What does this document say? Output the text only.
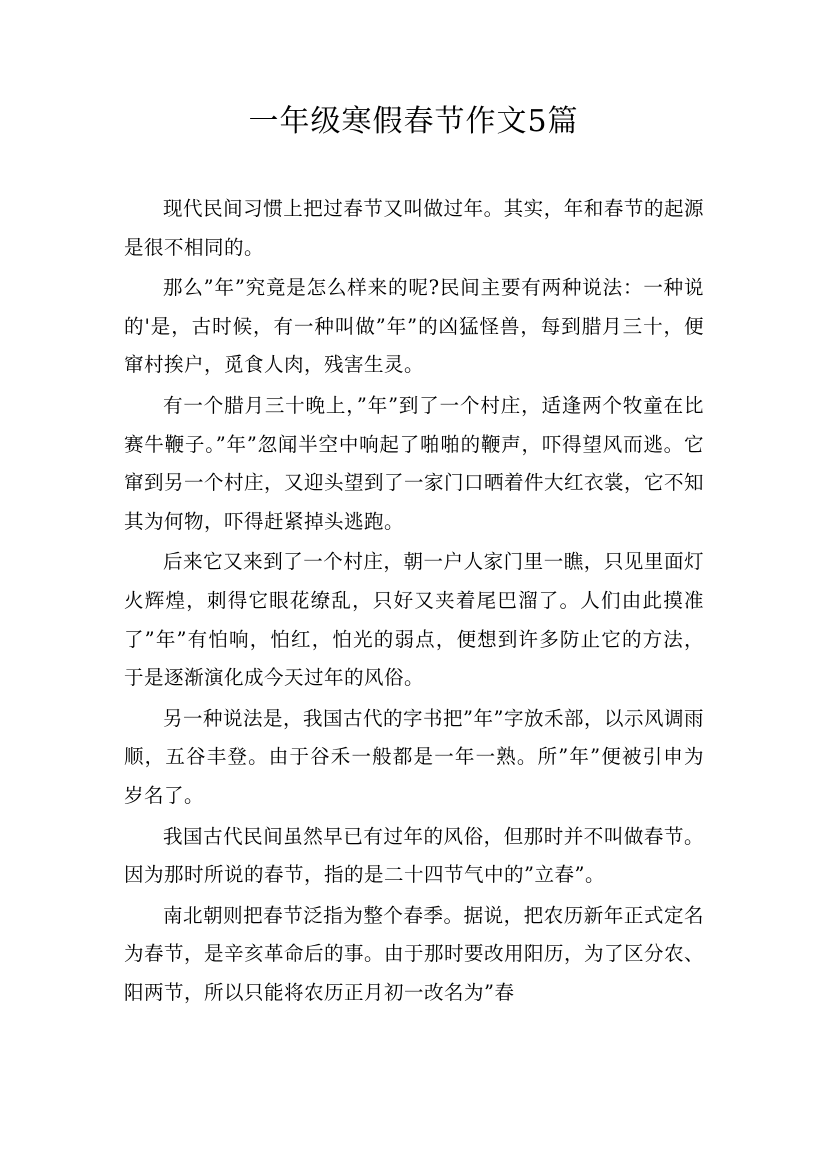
一年级寒假春节作文5篇

现代民间习惯上把过春节又叫做过年。其实，年和春节的起源是很不相同的。

那么”年”究竟是怎么样来的呢?民间主要有两种说法：一种说的'是，古时候，有一种叫做”年”的凶猛怪兽，每到腊月三十，便窜村挨户，觅食人肉，残害生灵。

有一个腊月三十晚上，”年”到了一个村庄，适逢两个牧童在比赛牛鞭子。”年”忽闻半空中响起了啪啪的鞭声，吓得望风而逃。它窜到另一个村庄，又迎头望到了一家门口晒着件大红衣裳，它不知其为何物，吓得赶紧掉头逃跑。

后来它又来到了一个村庄，朝一户人家门里一瞧，只见里面灯火辉煌，刺得它眼花缭乱，只好又夹着尾巴溜了。人们由此摸准了”年”有怕响，怕红，怕光的弱点，便想到许多防止它的方法，于是逐渐演化成今天过年的风俗。

另一种说法是，我国古代的字书把”年”字放禾部，以示风调雨顺，五谷丰登。由于谷禾一般都是一年一熟。所”年”便被引申为岁名了。

我国古代民间虽然早已有过年的风俗，但那时并不叫做春节。因为那时所说的春节，指的是二十四节气中的”立春”。

南北朝则把春节泛指为整个春季。据说，把农历新年正式定名为春节，是辛亥革命后的事。由于那时要改用阳历，为了区分农、阳两节，所以只能将农历正月初一改名为”春
